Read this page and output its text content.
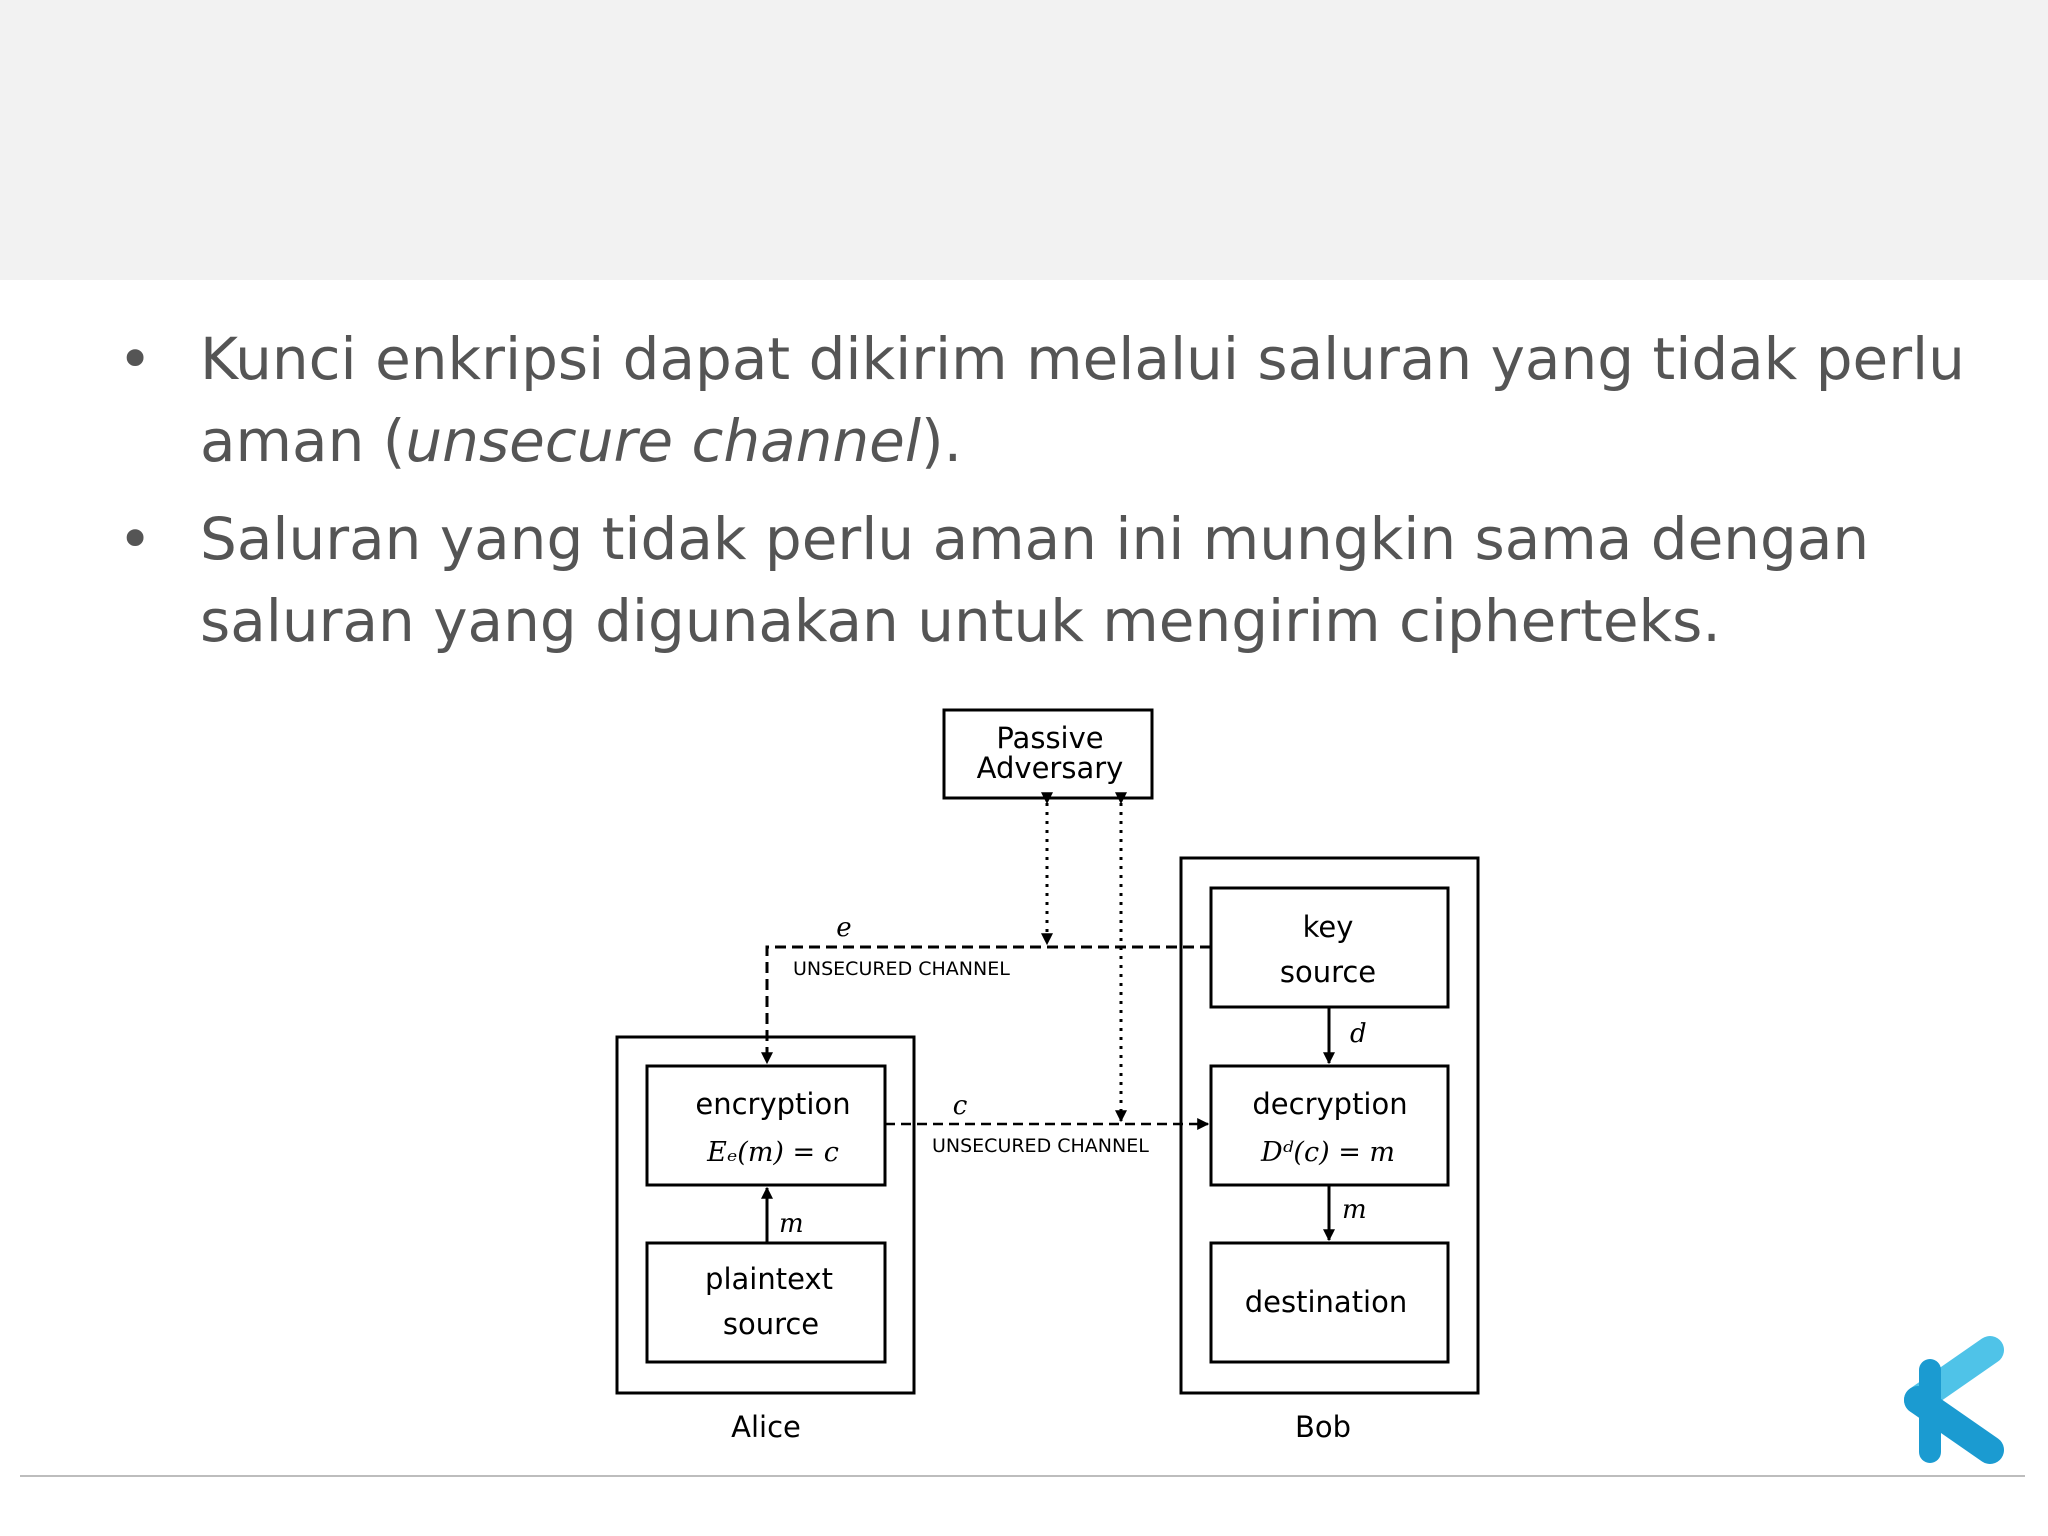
• Kunci enkripsi dapat dikirim melalui saluran yang tidak perlu aman (unsecure channel).
• Saluran yang tidak perlu aman ini mungkin sama dengan saluran yang digunakan untuk mengirim cipherteks.
Passive
Adversary
encryption
Eₑ(m) = c
plaintext
source
Alice
key
source
decryption
Dᵈ(c) = m
destination
Bob
e
UNSECURED CHANNEL
c
UNSECURED CHANNEL
d
m
m
